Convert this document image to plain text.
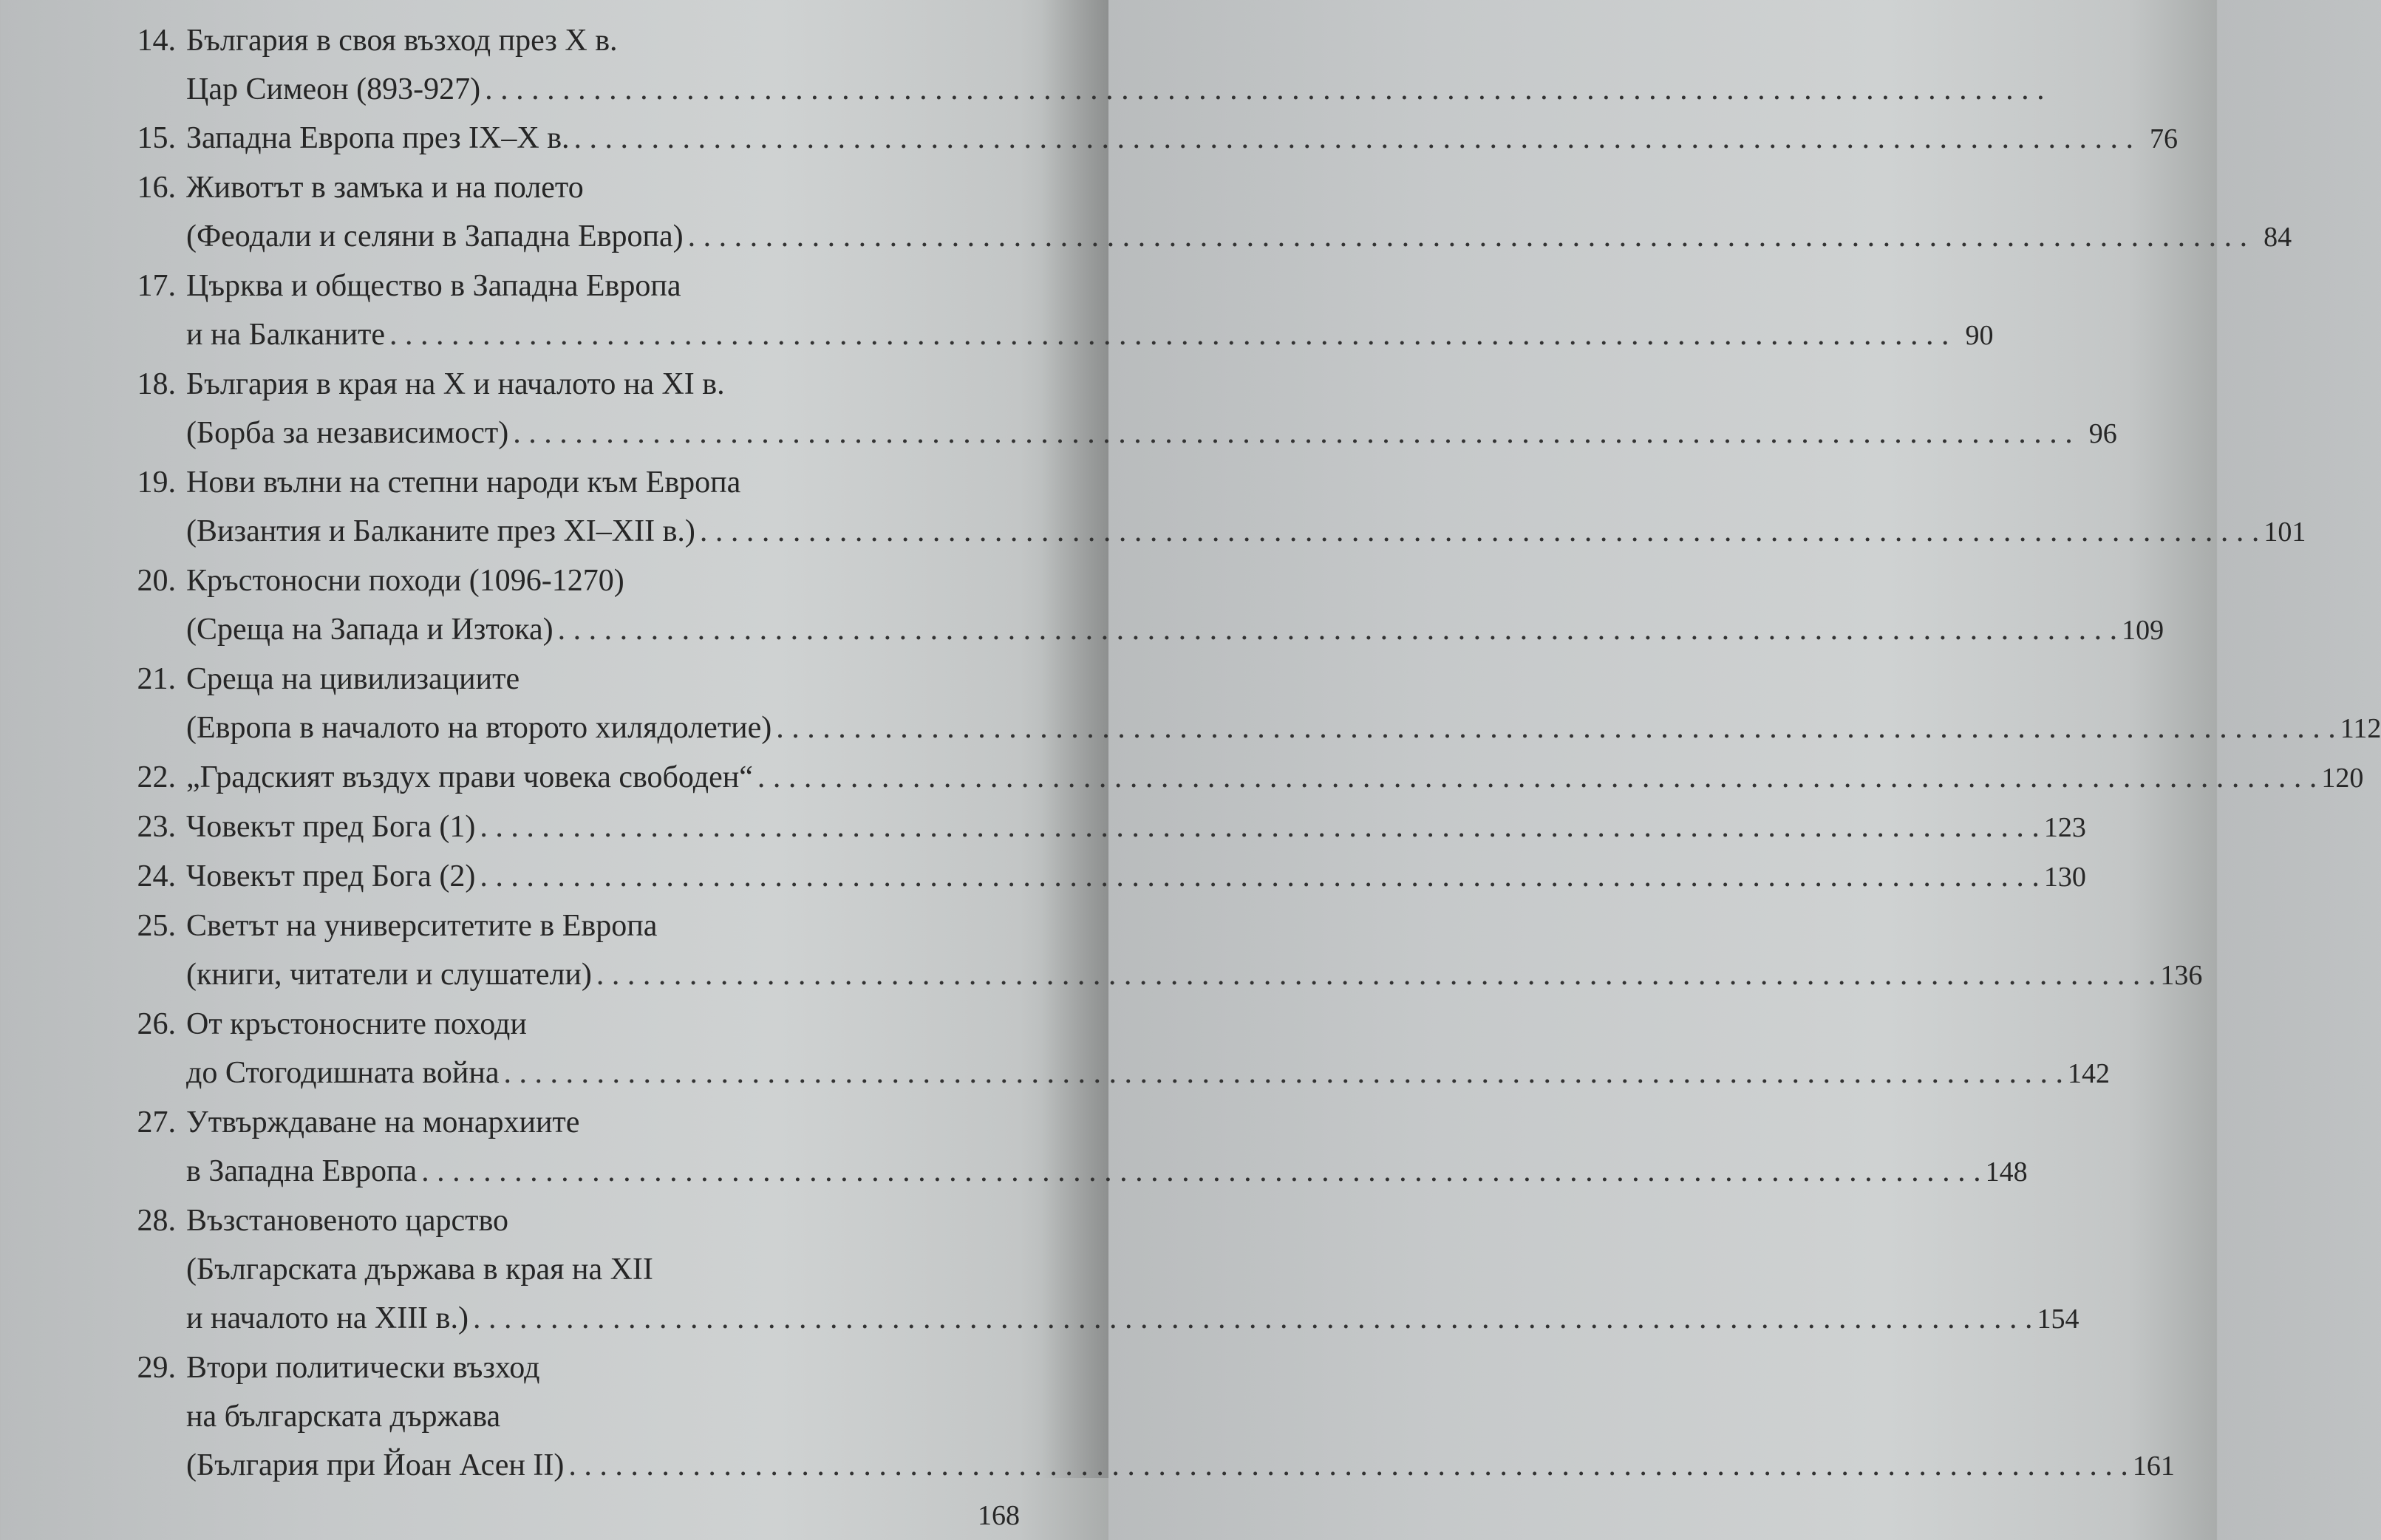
14. България в своя възход през Х в.
Цар Симеон (893-927)
. . .
15. Западна Европа през IX–X в. . . .	76
16. Животът в замъка и на полето
(Феодали и селяни в Западна Европа) . . .	84
17. Църква и общество в Западна Европа
и на Балканите . . .	90
18. България в края на Х и началото на XI в.
(Борба за независимост) . . .	96
19. Нови вълни на степни народи към Европа
(Византия и Балканите през XI–XII в.) . . .	101
20. Кръстоносни походи (1096-1270)
(Среща на Запада и Изтока) . . .	109
21. Среща на цивилизациите
(Европа в началото на второто хилядолетие) . . .	112
22. „Градският въздух прави човека свободен“ . . .	120
23. Човекът пред Бога (1) . . .	123
24. Човекът пред Бога (2) . . .	130
25. Светът на университетите в Европа
(книги, читатели и слушатели) . . .	136
26. От кръстоносните походи
до Стогодишната война . . .	142
27. Утвърждаване на монархиите
в Западна Европа . . .	148
28. Възстановеното царство
(Българската държава в края на XII
и началото на XIII в.) . . .	154
29. Втори политически възход
на българската държава
(България при Йоан Асен II) . . .	161
168
